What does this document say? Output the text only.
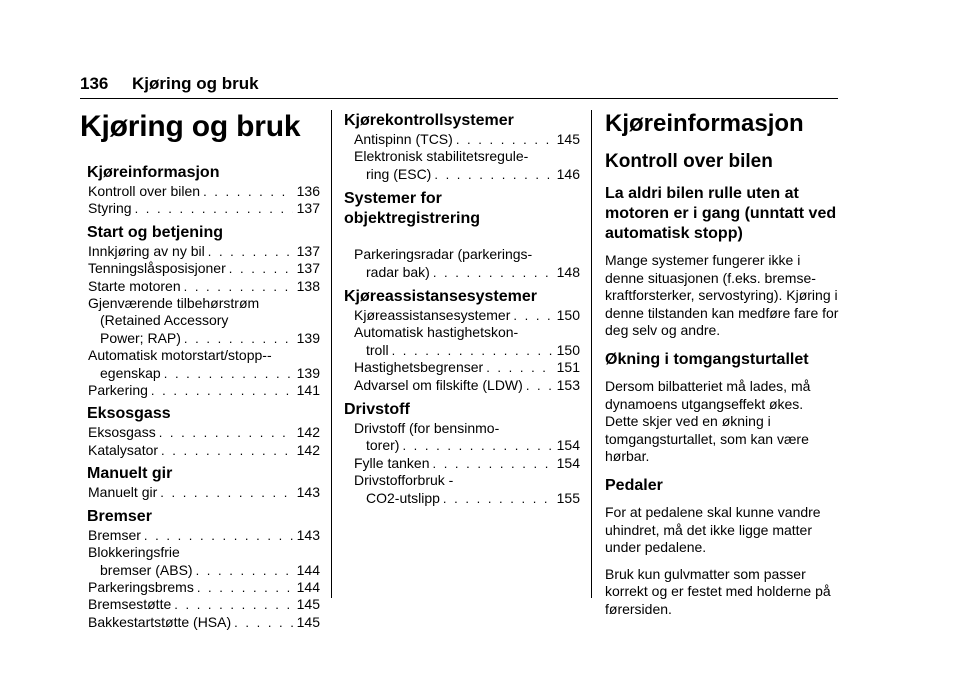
136 Kjøring og bruk
Kjøring og bruk
Kjøreinformasjon
Kontroll over bilen . . .	136
Styring . . .	137
Start og betjening
Innkjøring av ny bil . . .	137
Tenningslåsposisjoner . . .	137
Starte motoren . . .	138
Gjenværende tilbehørstrøm
(Retained Accessory
Power; RAP) . . .	139
Automatisk motorstart/stopp--
egenskap . . .	139
Parkering . . .	141
Eksosgass
Eksosgass . . .	142
Katalysator . . .	142
Manuelt gir
Manuelt gir . . .	143
Bremser
Bremser . . .	143
Blokkeringsfrie
bremser (ABS) . . .	144
Parkeringsbrems . . .	144
Bremsestøtte . . .	145
Bakkestartstøtte (HSA) . . .	145
Kjørekontrollsystemer
Antispinn (TCS) . . .	145
Elektronisk stabilitetsregule-
ring (ESC) . . .	146
Systemer for objektregistrering
Parkeringsradar (parkerings-
radar bak) . . .	148
Kjøreassistansesystemer
Kjøreassistansesystemer . . .	150
Automatisk hastighetskon-
troll . . .	150
Hastighetsbegrenser . . .	151
Advarsel om filskifte (LDW) . . . 153
Drivstoff
Drivstoff (for bensinmo-
torer) . . .	154
Fylle tanken . . .	154
Drivstofforbruk -
CO2-utslipp . . .	155
Kjøreinformasjon
Kontroll over bilen
La aldri bilen rulle uten at motoren er i gang (unntatt ved automatisk stopp)
Mange systemer fungerer ikke i denne situasjonen (f.eks. bremse-kraftforsterker, servostyring). Kjøring i denne tilstanden kan medføre fare for deg selv og andre.
Økning i tomgangsturtallet
Dersom bilbatteriet må lades, må dynamoens utgangseffekt økes. Dette skjer ved en økning i tomgangsturtallet, som kan være hørbar.
Pedaler
For at pedalene skal kunne vandre uhindret, må det ikke ligge matter under pedalene.
Bruk kun gulvmatter som passer korrekt og er festet med holderne på førersiden.
